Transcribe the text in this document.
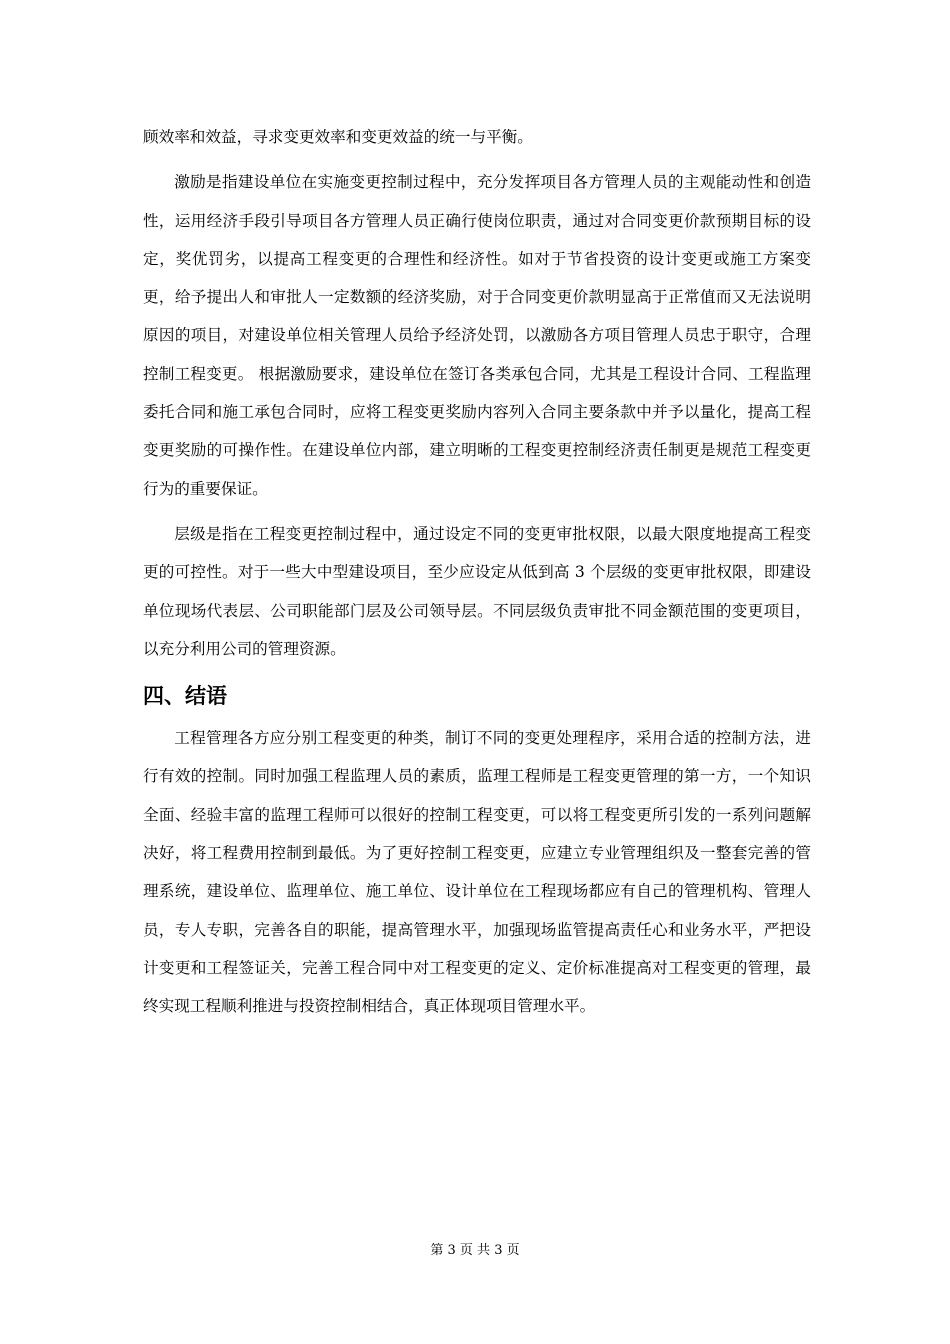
顾效率和效益，寻求变更效率和变更效益的统一与平衡。

激励是指建设单位在实施变更控制过程中，充分发挥项目各方管理人员的主观能动性和创造性，运用经济手段引导项目各方管理人员正确行使岗位职责，通过对合同变更价款预期目标的设定，奖优罚劣，以提高工程变更的合理性和经济性。如对于节省投资的设计变更或施工方案变更，给予提出人和审批人一定数额的经济奖励，对于合同变更价款明显高于正常值而又无法说明原因的项目，对建设单位相关管理人员给予经济处罚，以激励各方项目管理人员忠于职守，合理控制工程变更。 根据激励要求，建设单位在签订各类承包合同，尤其是工程设计合同、工程监理委托合同和施工承包合同时，应将工程变更奖励内容列入合同主要条款中并予以量化，提高工程变更奖励的可操作性。在建设单位内部，建立明晰的工程变更控制经济责任制更是规范工程变更行为的重要保证。

层级是指在工程变更控制过程中，通过设定不同的变更审批权限，以最大限度地提高工程变更的可控性。对于一些大中型建设项目，至少应设定从低到高 3 个层级的变更审批权限，即建设单位现场代表层、公司职能部门层及公司领导层。不同层级负责审批不同金额范围的变更项目，以充分利用公司的管理资源。

四、结语

工程管理各方应分别工程变更的种类，制订不同的变更处理程序，采用合适的控制方法，进行有效的控制。同时加强工程监理人员的素质，监理工程师是工程变更管理的第一方，一个知识全面、经验丰富的监理工程师可以很好的控制工程变更，可以将工程变更所引发的一系列问题解决好，将工程费用控制到最低。为了更好控制工程变更，应建立专业管理组织及一整套完善的管理系统，建设单位、监理单位、施工单位、设计单位在工程现场都应有自己的管理机构、管理人员，专人专职，完善各自的职能，提高管理水平，加强现场监管提高责任心和业务水平，严把设计变更和工程签证关，完善工程合同中对工程变更的定义、定价标准提高对工程变更的管理，最终实现工程顺利推进与投资控制相结合，真正体现项目管理水平。

第 3 页 共 3 页
